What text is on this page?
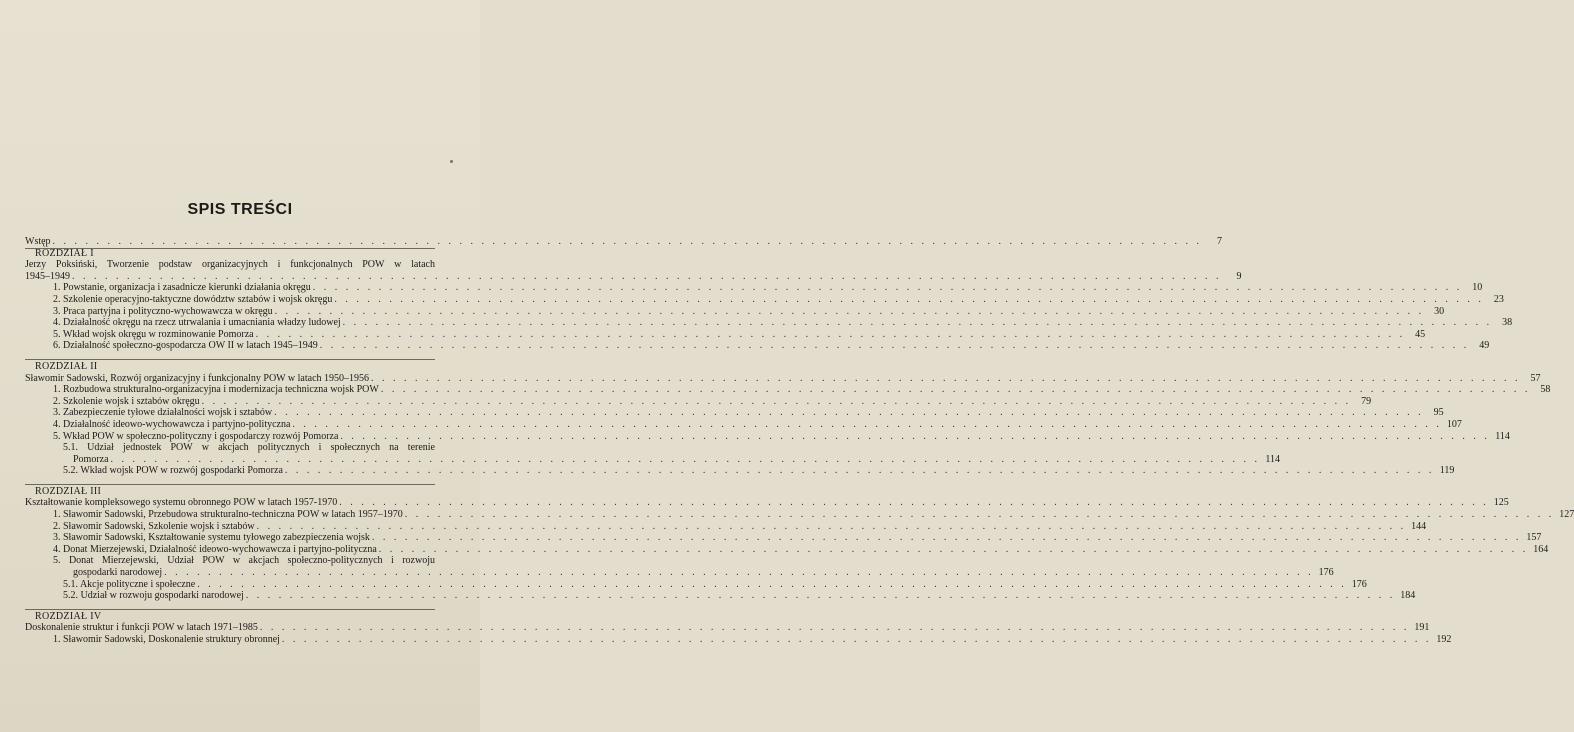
SPIS TREŚCI
Wstęp . . .	7
ROZDZIAŁ I
Jerzy Poksiński, Tworzenie podstaw organizacyjnych i funkcjonalnych POW w latach
1945–1949 . . .	9
1. Powstanie, organizacja i zasadnicze kierunki działania okręgu . . .	10
2. Szkolenie operacyjno-taktyczne dowództw sztabów i wojsk okręgu . . .	23
3. Praca partyjna i polityczno-wychowawcza w okręgu . . .	30
4. Działalność okręgu na rzecz utrwalania i umacniania władzy ludowej . . .	38
5. Wkład wojsk okręgu w rozminowanie Pomorza . . .	45
6. Działalność społeczno-gospodarcza OW II w latach 1945–1949 . . .	49
ROZDZIAŁ II
Sławomir Sadowski, Rozwój organizacyjny i funkcjonalny POW w latach 1950–1956 . . .	57
1. Rozbudowa strukturalno-organizacyjna i modernizacja techniczna wojsk POW . . .	58
2. Szkolenie wojsk i sztabów okręgu . . .	79
3. Zabezpieczenie tyłowe działalności wojsk i sztabów . . .	95
4. Działalność ideowo-wychowawcza i partyjno-polityczna . . .	107
5. Wkład POW w społeczno-polityczny i gospodarczy rozwój Pomorza . . .	114
5.1. Udział jednostek POW w akcjach politycznych i społecznych na terenie
Pomorza . . .	114
5.2. Wkład wojsk POW w rozwój gospodarki Pomorza . . .	119
ROZDZIAŁ III
Kształtowanie kompleksowego systemu obronnego POW w latach 1957-1970 . . .	125
1. Sławomir Sadowski, Przebudowa strukturalno-techniczna POW w latach 1957–1970 . . .	127
2. Sławomir Sadowski, Szkolenie wojsk i sztabów . . .	144
3. Sławomir Sadowski, Kształtowanie systemu tyłowego zabezpieczenia wojsk . . .	157
4. Donat Mierzejewski, Działalność ideowo-wychowawcza i partyjno-polityczna . . .	164
5. Donat Mierzejewski, Udział POW w akcjach społeczno-politycznych i rozwoju
gospodarki narodowej . . .	176
5.1. Akcje polityczne i społeczne . . .	176
5.2. Udział w rozwoju gospodarki narodowej . . .	184
ROZDZIAŁ IV
Doskonalenie struktur i funkcji POW w latach 1971–1985 . . .	191
1. Sławomir Sadowski, Doskonalenie struktury obronnej . . .	192
